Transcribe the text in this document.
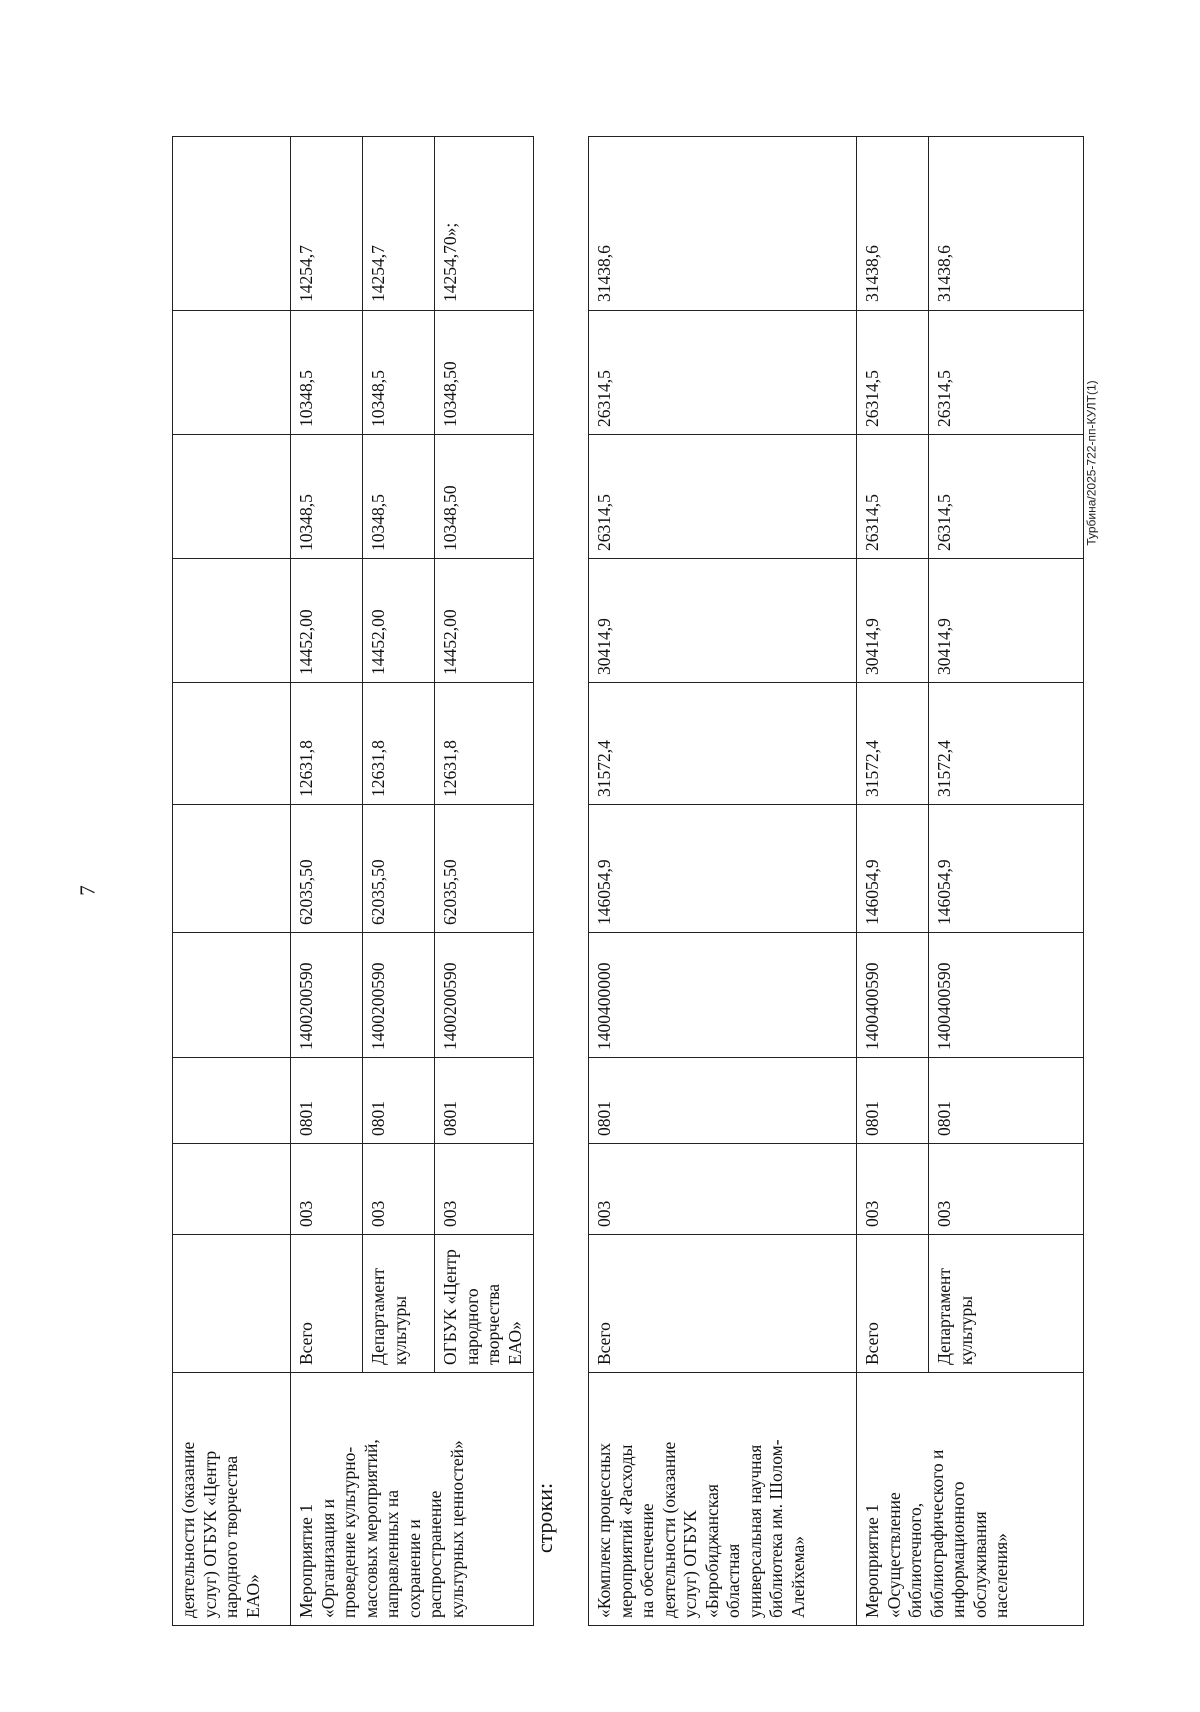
7
Турбина/2025-722-пп-КУЛТ(1)
строки:
деятельности (оказание
услуг) ОГБУК «Центр
народного творчества
ЕАО»	Мероприятие 1
«Организация и
проведение культурно-
массовых мероприятий,
направленных на
сохранение и
распространение
культурных ценностей»
Всего
003
0801
1400200590
62035,50
12631,8
14452,00
10348,5
10348,5
14254,7
Департамент
культуры
003
0801
1400200590
62035,50
12631,8
14452,00
10348,5
10348,5
14254,7
ОГБУК «Центр
народного
творчества ЕАО»
003
0801
1400200590
62035,50
12631,8
14452,00
10348,50
10348,50
14254,70»;
«Комплекс процессных
мероприятий «Расходы
на обеспечение
деятельности (оказание
услуг) ОГБУК
«Биробиджанская
областная
универсальная научная
библиотека им. Шолом-
Алейхема»
Всего
003
0801
1400400000
146054,9
31572,4
30414,9
26314,5
26314,5
31438,6
Мероприятие 1
«Осуществление
библиотечного,
библиографического и
информационного
обслуживания
населения»
Всего
003
0801
1400400590
146054,9
31572,4
30414,9
26314,5
26314,5
31438,6
Департамент
культуры
003
0801
1400400590
146054,9
31572,4
30414,9
26314,5
26314,5
31438,6
